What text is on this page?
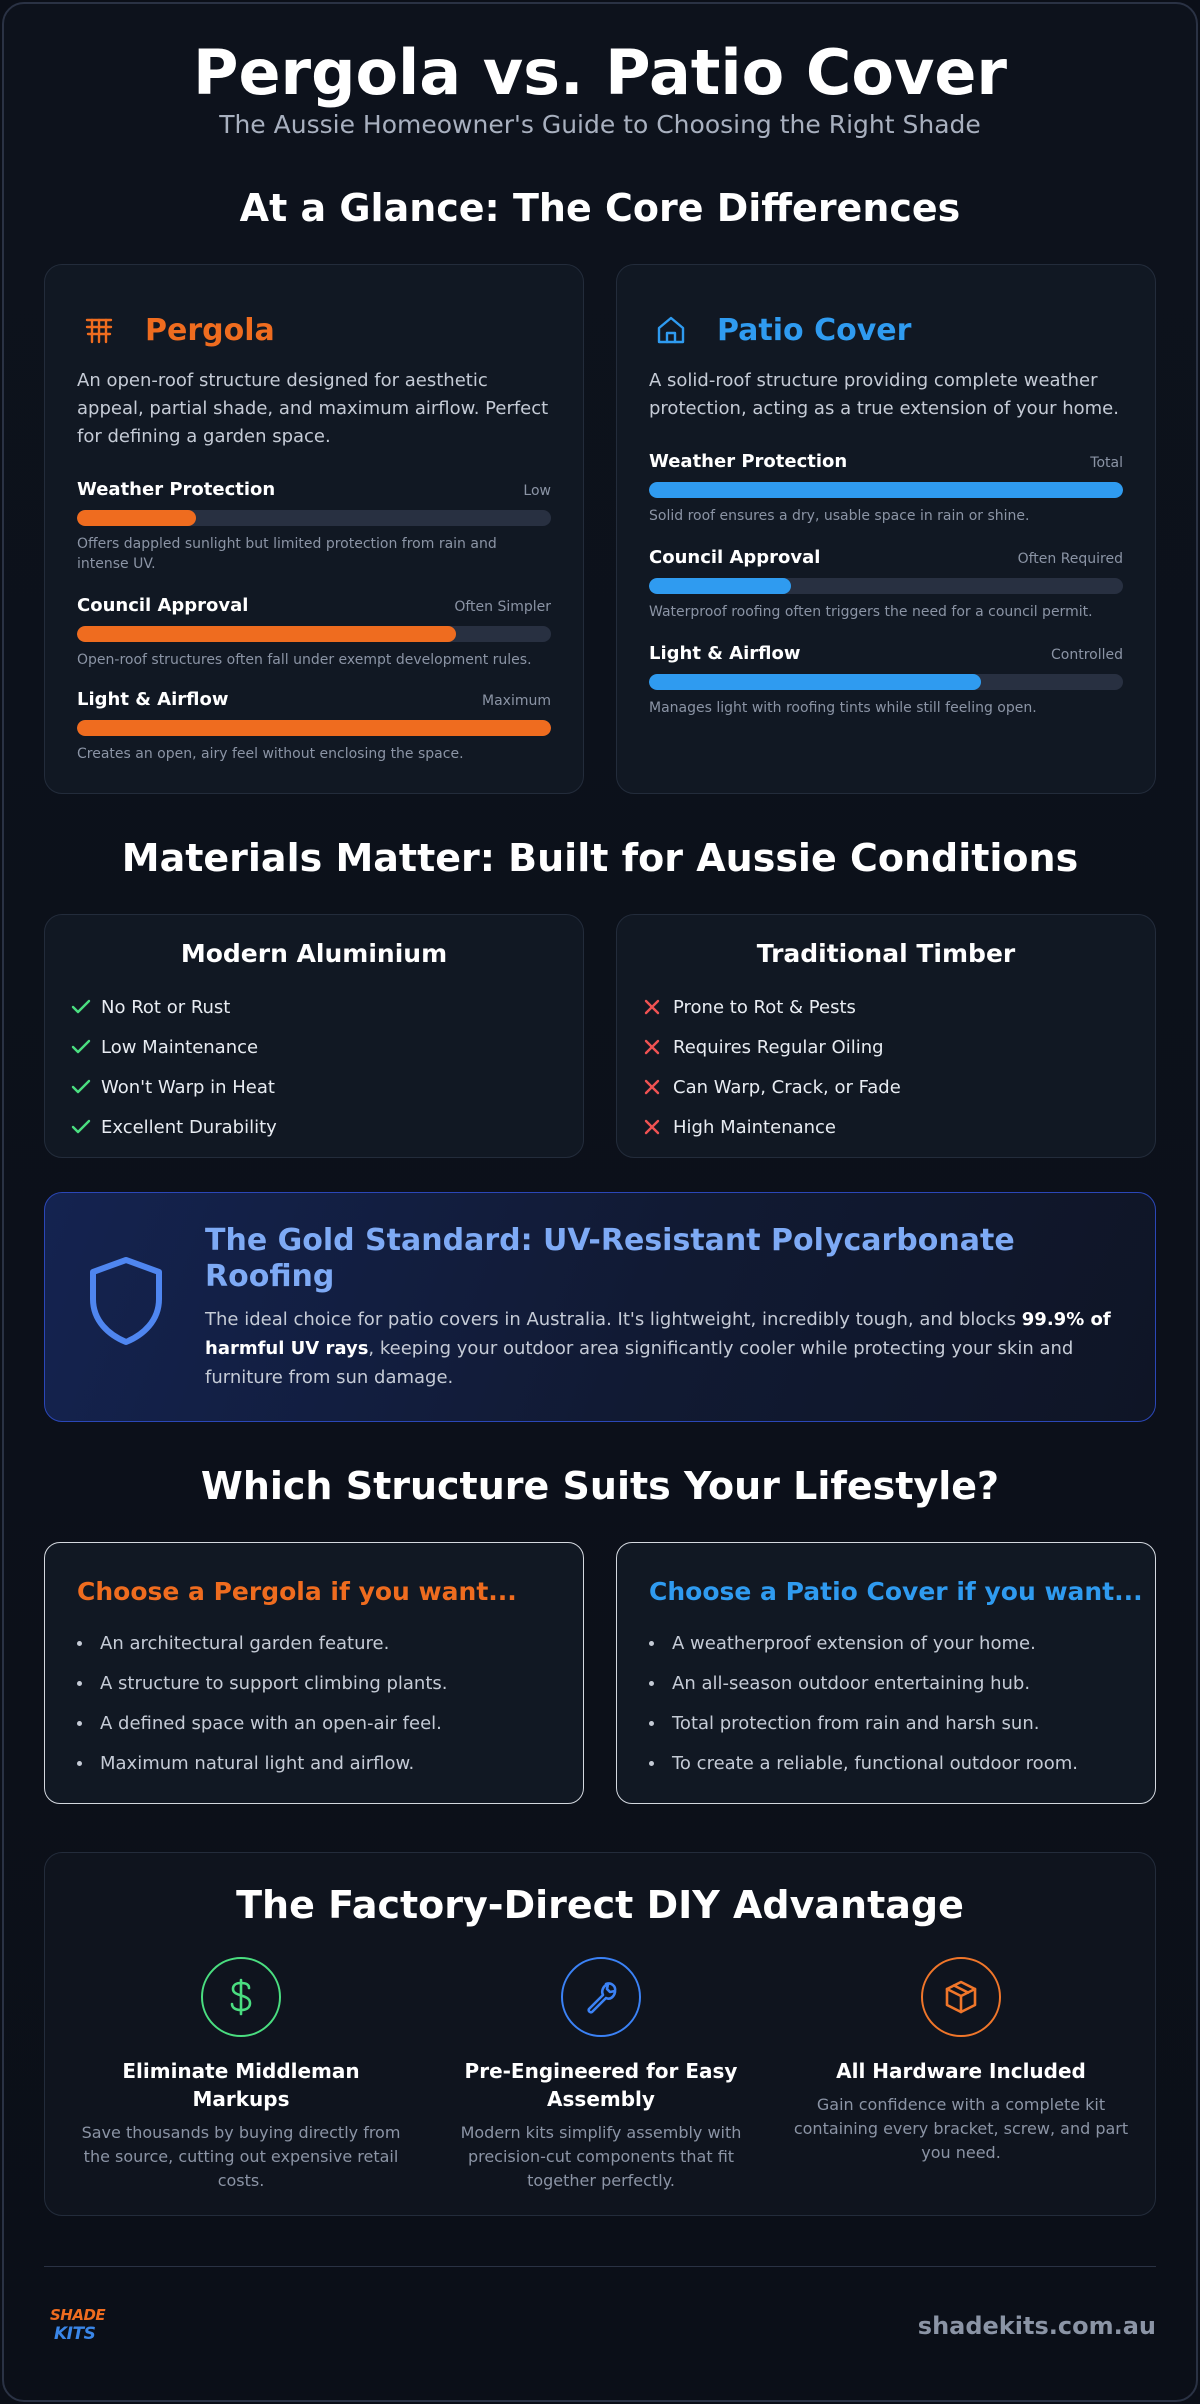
Pergola vs. Patio Cover
The Aussie Homeowner's Guide to Choosing the Right Shade
At a Glance: The Core Differences
Pergola
An open-roof structure designed for aesthetic appeal, partial shade, and maximum airflow. Perfect for defining a garden space.
Weather Protection	Low
Offers dappled sunlight but limited protection from rain and intense UV.
Council Approval	Often Simpler
Open-roof structures often fall under exempt development rules.
Light & Airflow	Maximum
Creates an open, airy feel without enclosing the space.
Patio Cover
A solid-roof structure providing complete weather protection, acting as a true extension of your home.
Weather Protection	Total
Solid roof ensures a dry, usable space in rain or shine.
Council Approval	Often Required
Waterproof roofing often triggers the need for a council permit.
Light & Airflow	Controlled
Manages light with roofing tints while still feeling open.
Materials Matter: Built for Aussie Conditions
Modern Aluminium
No Rot or Rust
Low Maintenance
Won't Warp in Heat
Excellent Durability
Traditional Timber
Prone to Rot & Pests
Requires Regular Oiling
Can Warp, Crack, or Fade
High Maintenance
The Gold Standard: UV-Resistant Polycarbonate Roofing
The ideal choice for patio covers in Australia. It's lightweight, incredibly tough, and blocks 99.9% of harmful UV rays, keeping your outdoor area significantly cooler while protecting your skin and furniture from sun damage.
Which Structure Suits Your Lifestyle?
Choose a Pergola if you want...
An architectural garden feature.
A structure to support climbing plants.
A defined space with an open-air feel.
Maximum natural light and airflow.
Choose a Patio Cover if you want...
A weatherproof extension of your home.
An all-season outdoor entertaining hub.
Total protection from rain and harsh sun.
To create a reliable, functional outdoor room.
The Factory-Direct DIY Advantage
Eliminate Middleman Markups
Save thousands by buying directly from the source, cutting out expensive retail costs.
Pre-Engineered for Easy Assembly
Modern kits simplify assembly with precision-cut components that fit together perfectly.
All Hardware Included
Gain confidence with a complete kit containing every bracket, screw, and part you need.
SHADE
KITS	shadekits.com.au
